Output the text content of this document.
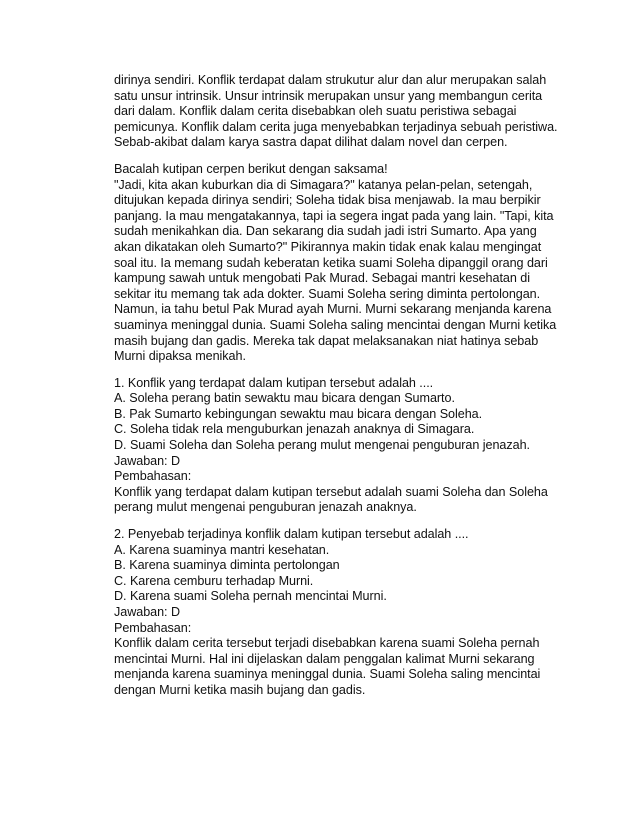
dirinya sendiri. Konflik terdapat dalam strukutur alur dan alur merupakan salah
satu unsur intrinsik. Unsur intrinsik merupakan unsur yang membangun cerita
dari dalam. Konflik dalam cerita disebabkan oleh suatu peristiwa sebagai
pemicunya. Konflik dalam cerita juga menyebabkan terjadinya sebuah peristiwa.
Sebab-akibat dalam karya sastra dapat dilihat dalam novel dan cerpen.
Bacalah kutipan cerpen berikut dengan saksama!
"Jadi, kita akan kuburkan dia di Simagara?" katanya pelan-pelan, setengah,
ditujukan kepada dirinya sendiri; Soleha tidak bisa menjawab. Ia mau berpikir
panjang. Ia mau mengatakannya, tapi ia segera ingat pada yang lain. "Tapi, kita
sudah menikahkan dia. Dan sekarang dia sudah jadi istri Sumarto. Apa yang
akan dikatakan oleh Sumarto?" Pikirannya makin tidak enak kalau mengingat
soal itu. Ia memang sudah keberatan ketika suami Soleha dipanggil orang dari
kampung sawah untuk mengobati Pak Murad. Sebagai mantri kesehatan di
sekitar itu memang tak ada dokter. Suami Soleha sering diminta pertolongan.
Namun, ia tahu betul Pak Murad ayah Murni. Murni sekarang menjanda karena
suaminya meninggal dunia. Suami Soleha saling mencintai dengan Murni ketika
masih bujang dan gadis. Mereka tak dapat melaksanakan niat hatinya sebab
Murni dipaksa menikah.
1. Konflik yang terdapat dalam kutipan tersebut adalah ....
A. Soleha perang batin sewaktu mau bicara dengan Sumarto.
B. Pak Sumarto kebingungan sewaktu mau bicara dengan Soleha.
C. Soleha tidak rela menguburkan jenazah anaknya di Simagara.
D. Suami Soleha dan Soleha perang mulut mengenai penguburan jenazah.
Jawaban: D
Pembahasan:
Konflik yang terdapat dalam kutipan tersebut adalah suami Soleha dan Soleha
perang mulut mengenai penguburan jenazah anaknya.
2. Penyebab terjadinya konflik dalam kutipan tersebut adalah ....
A. Karena suaminya mantri kesehatan.
B. Karena suaminya diminta pertolongan
C. Karena cemburu terhadap Murni.
D. Karena suami Soleha pernah mencintai Murni.
Jawaban: D
Pembahasan:
Konflik dalam cerita tersebut terjadi disebabkan karena suami Soleha pernah
mencintai Murni. Hal ini dijelaskan dalam penggalan kalimat Murni sekarang
menjanda karena suaminya meninggal dunia. Suami Soleha saling mencintai
dengan Murni ketika masih bujang dan gadis.
